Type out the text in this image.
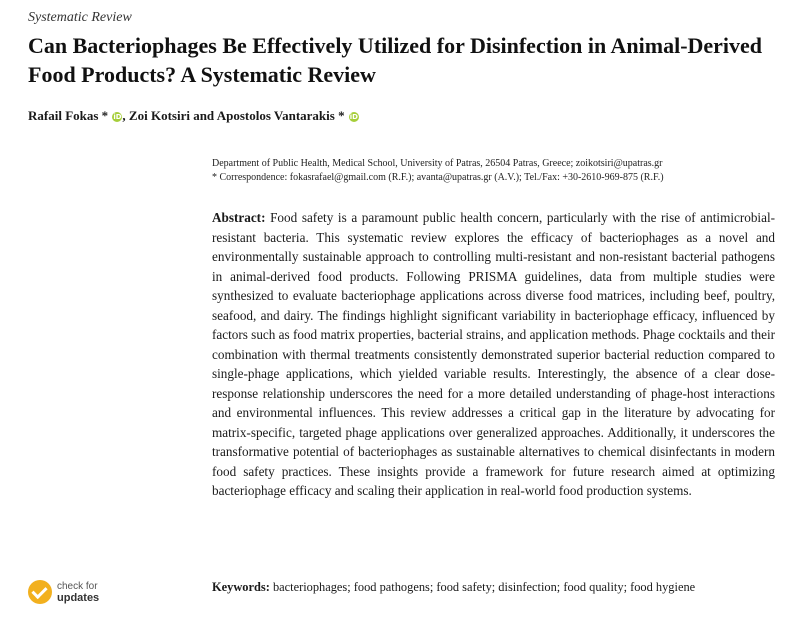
Systematic Review
Can Bacteriophages Be Effectively Utilized for Disinfection in Animal-Derived Food Products? A Systematic Review
Rafail Fokas * iD, Zoi Kotsiri and Apostolos Vantarakis * iD
Department of Public Health, Medical School, University of Patras, 26504 Patras, Greece; zoikotsiri@upatras.gr
* Correspondence: fokasrafael@gmail.com (R.F.); avanta@upatras.gr (A.V.); Tel./Fax: +30-2610-969-875 (R.F.)

Abstract: Food safety is a paramount public health concern, particularly with the rise of antimicrobial-resistant bacteria. This systematic review explores the efficacy of bacteriophages as a novel and environmentally sustainable approach to controlling multi-resistant and non-resistant bacterial pathogens in animal-derived food products. Following PRISMA guidelines, data from multiple studies were synthesized to evaluate bacteriophage applications across diverse food matrices, including beef, poultry, seafood, and dairy. The findings highlight significant variability in bacteriophage efficacy, influenced by factors such as food matrix properties, bacterial strains, and application methods. Phage cocktails and their combination with thermal treatments consistently demonstrated superior bacterial reduction compared to single-phage applications, which yielded variable results. Interestingly, the absence of a clear dose-response relationship underscores the need for a more detailed understanding of phage-host interactions and environmental influences. This review addresses a critical gap in the literature by advocating for matrix-specific, targeted phage applications over generalized approaches. Additionally, it underscores the transformative potential of bacteriophages as sustainable alternatives to chemical disinfectants in modern food safety practices. These insights provide a framework for future research aimed at optimizing bacteriophage efficacy and scaling their application in real-world food production systems.

Keywords: bacteriophages; food pathogens; food safety; disinfection; food quality; food hygiene
check for
updates
